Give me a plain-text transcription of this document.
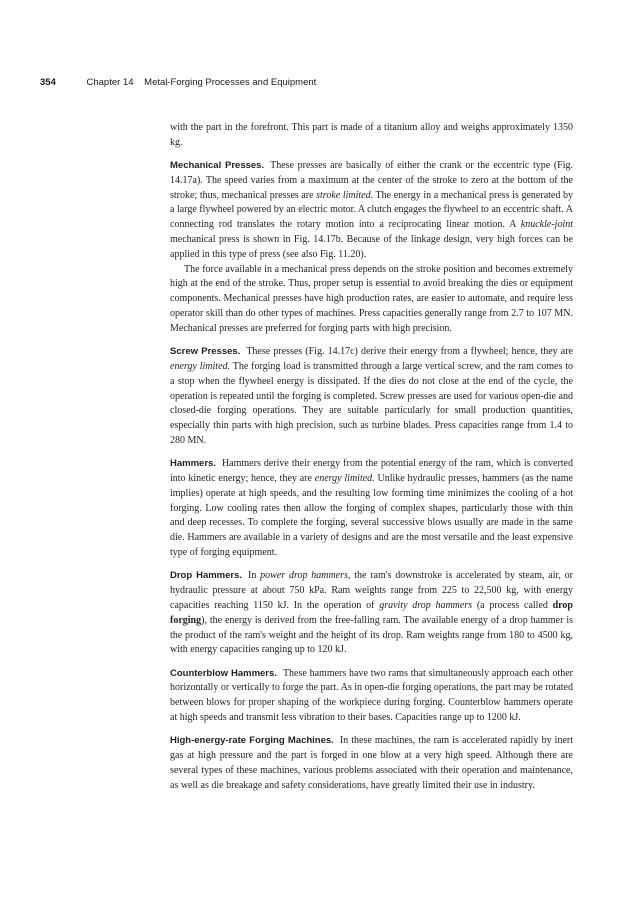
354	Chapter 14 Metal-Forging Processes and Equipment

with the part in the forefront. This part is made of a titanium alloy and weighs approximately 1350 kg.

Mechanical Presses. These presses are basically of either the crank or the eccentric type (Fig. 14.17a). The speed varies from a maximum at the center of the stroke to zero at the bottom of the stroke; thus, mechanical presses are stroke limited. The energy in a mechanical press is generated by a large flywheel powered by an electric motor. A clutch engages the flywheel to an eccentric shaft. A connecting rod translates the rotary motion into a reciprocating linear motion. A knuckle-joint mechanical press is shown in Fig. 14.17b. Because of the linkage design, very high forces can be applied in this type of press (see also Fig. 11.20).

The force available in a mechanical press depends on the stroke position and becomes extremely high at the end of the stroke. Thus, proper setup is essential to avoid breaking the dies or equipment components. Mechanical presses have high production rates, are easier to automate, and require less operator skill than do other types of machines. Press capacities generally range from 2.7 to 107 MN. Mechanical presses are preferred for forging parts with high precision.

Screw Presses. These presses (Fig. 14.17c) derive their energy from a flywheel; hence, they are energy limited. The forging load is transmitted through a large vertical screw, and the ram comes to a stop when the flywheel energy is dissipated. If the dies do not close at the end of the cycle, the operation is repeated until the forging is completed. Screw presses are used for various open-die and closed-die forging operations. They are suitable particularly for small production quantities, especially thin parts with high precision, such as turbine blades. Press capacities range from 1.4 to 280 MN.

Hammers. Hammers derive their energy from the potential energy of the ram, which is converted into kinetic energy; hence, they are energy limited. Unlike hydraulic presses, hammers (as the name implies) operate at high speeds, and the resulting low forming time minimizes the cooling of a hot forging. Low cooling rates then allow the forging of complex shapes, particularly those with thin and deep recesses. To complete the forging, several successive blows usually are made in the same die. Hammers are available in a variety of designs and are the most versatile and the least expensive type of forging equipment.

Drop Hammers. In power drop hammers, the ram's downstroke is accelerated by steam, air, or hydraulic pressure at about 750 kPa. Ram weights range from 225 to 22,500 kg, with energy capacities reaching 1150 kJ. In the operation of gravity drop hammers (a process called drop forging), the energy is derived from the free-falling ram. The available energy of a drop hammer is the product of the ram's weight and the height of its drop. Ram weights range from 180 to 4500 kg, with energy capacities ranging up to 120 kJ.

Counterblow Hammers. These hammers have two rams that simultaneously approach each other horizontally or vertically to forge the part. As in open-die forging operations, the part may be rotated between blows for proper shaping of the workpiece during forging. Counterblow hammers operate at high speeds and transmit less vibration to their bases. Capacities range up to 1200 kJ.

High-energy-rate Forging Machines. In these machines, the ram is accelerated rapidly by inert gas at high pressure and the part is forged in one blow at a very high speed. Although there are several types of these machines, various problems associated with their operation and maintenance, as well as die breakage and safety considerations, have greatly limited their use in industry.
